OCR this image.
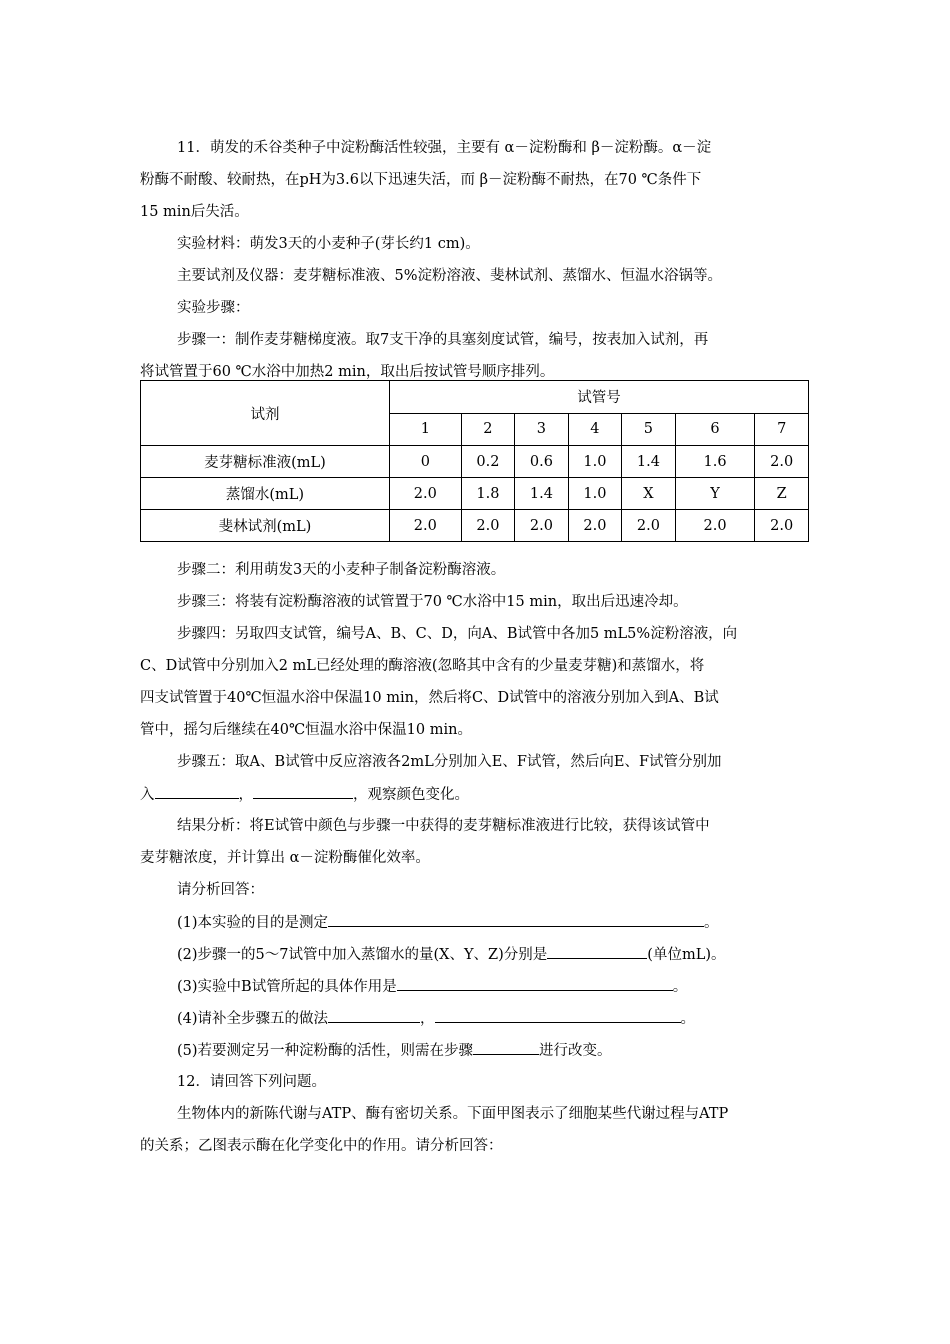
11．萌发的禾谷类种子中淀粉酶活性较强，主要有 α－淀粉酶和 β－淀粉酶。α－淀
粉酶不耐酸、较耐热，在pH为3.6以下迅速失活，而 β－淀粉酶不耐热，在70 ℃条件下
15 min后失活。
实验材料：萌发3天的小麦种子(芽长约1 cm)。
主要试剂及仪器：麦芽糖标准液、5%淀粉溶液、斐林试剂、蒸馏水、恒温水浴锅等。
实验步骤：
步骤一：制作麦芽糖梯度液。取7支干净的具塞刻度试管，编号，按表加入试剂，再
将试管置于60 ℃水浴中加热2 min，取出后按试管号顺序排列。
试剂	试管号						
	1	2	3	4	5	6	7
麦芽糖标准液(mL)	0	0.2	0.6	1.0	1.4	1.6	2.0
蒸馏水(mL)	2.0	1.8	1.4	1.0	X	Y	Z
斐林试剂(mL)	2.0	2.0	2.0	2.0	2.0	2.0	2.0
步骤二：利用萌发3天的小麦种子制备淀粉酶溶液。
步骤三：将装有淀粉酶溶液的试管置于70 ℃水浴中15 min，取出后迅速冷却。
步骤四：另取四支试管，编号A、B、C、D，向A、B试管中各加5 mL5%淀粉溶液，向
C、D试管中分别加入2 mL已经处理的酶溶液(忽略其中含有的少量麦芽糖)和蒸馏水，将
四支试管置于40℃恒温水浴中保温10 min，然后将C、D试管中的溶液分别加入到A、B试
管中，摇匀后继续在40℃恒温水浴中保温10 min。
步骤五：取A、B试管中反应溶液各2mL分别加入E、F试管，然后向E、F试管分别加
入	，	，观察颜色变化。
结果分析：将E试管中颜色与步骤一中获得的麦芽糖标准液进行比较，获得该试管中
麦芽糖浓度，并计算出 α－淀粉酶催化效率。
请分析回答：
(1)本实验的目的是测定	。
(2)步骤一的5～7试管中加入蒸馏水的量(X、Y、Z)分别是	(单位mL)。
(3)实验中B试管所起的具体作用是	。
(4)请补全步骤五的做法	，	。
(5)若要测定另一种淀粉酶的活性，则需在步骤	进行改变。
12．请回答下列问题。
生物体内的新陈代谢与ATP、酶有密切关系。下面甲图表示了细胞某些代谢过程与ATP
的关系；乙图表示酶在化学变化中的作用。请分析回答：
